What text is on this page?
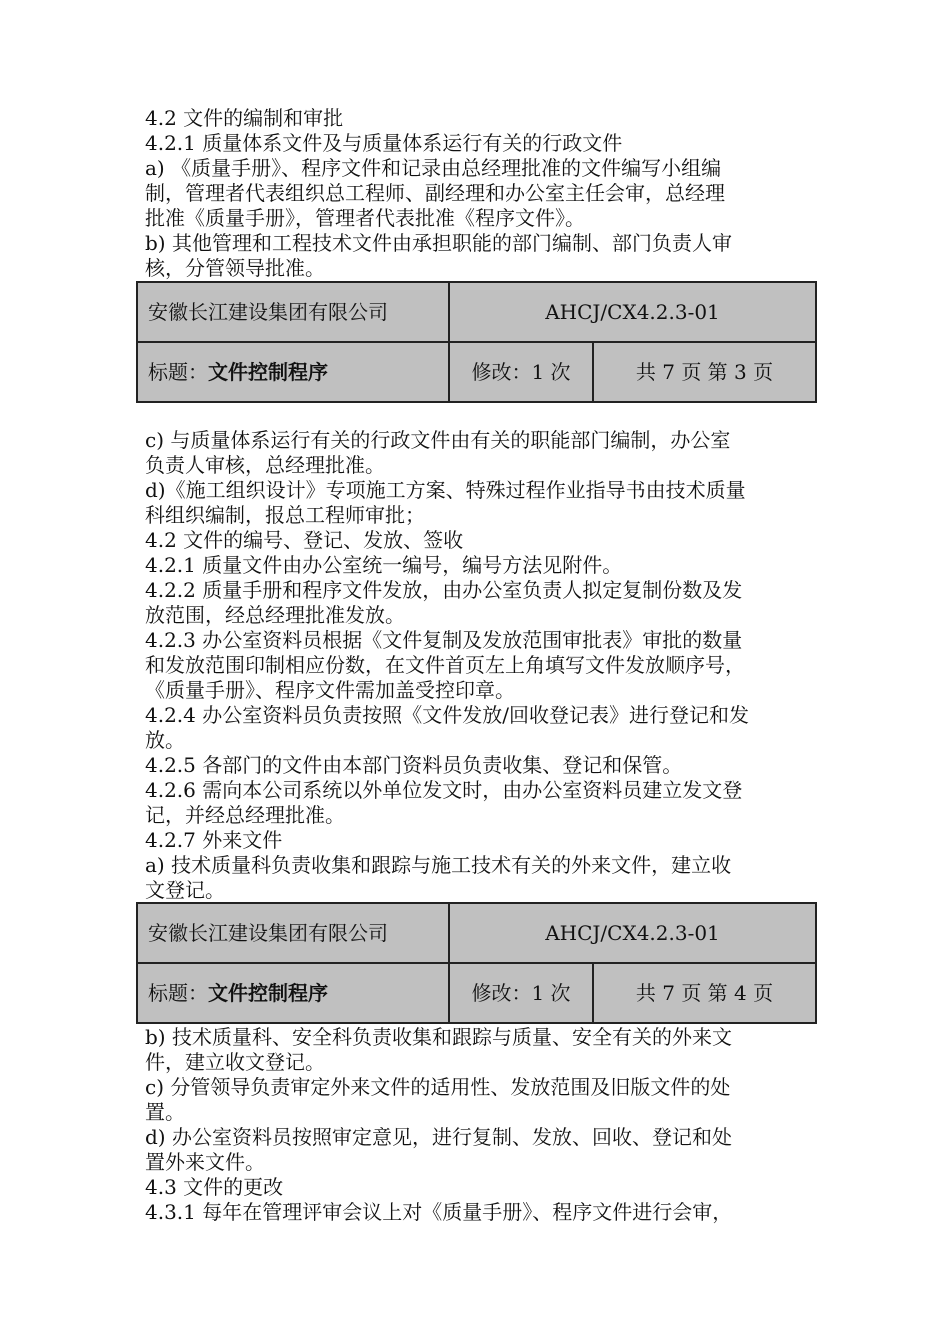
4.2 文件的编制和审批

4.2.1 质量体系文件及与质量体系运行有关的行政文件

a) 《质量手册》、程序文件和记录由总经理批准的文件编写小组编

制，管理者代表组织总工程师、副经理和办公室主任会审，总经理

批准《质量手册》，管理者代表批准《程序文件》。

b) 其他管理和工程技术文件由承担职能的部门编制、部门负责人审

核，分管领导批准。

安徽长江建设集团有限公司	AHCJ/CX4.2.3-01	
标题：文件控制程序	修改：1 次	共 7 页 第 3 页

c) 与质量体系运行有关的行政文件由有关的职能部门编制，办公室

负责人审核，总经理批准。

d)《施工组织设计》专项施工方案、特殊过程作业指导书由技术质量

科组织编制，报总工程师审批；

4.2 文件的编号、登记、发放、签收

4.2.1 质量文件由办公室统一编号，编号方法见附件。

4.2.2 质量手册和程序文件发放，由办公室负责人拟定复制份数及发

放范围，经总经理批准发放。

4.2.3 办公室资料员根据《文件复制及发放范围审批表》审批的数量

和发放范围印制相应份数，在文件首页左上角填写文件发放顺序号，

《质量手册》、程序文件需加盖受控印章。

4.2.4 办公室资料员负责按照《文件发放/回收登记表》进行登记和发

放。

4.2.5 各部门的文件由本部门资料员负责收集、登记和保管。

4.2.6 需向本公司系统以外单位发文时，由办公室资料员建立发文登

记，并经总经理批准。

4.2.7 外来文件

a) 技术质量科负责收集和跟踪与施工技术有关的外来文件，建立收

文登记。

安徽长江建设集团有限公司	AHCJ/CX4.2.3-01	
标题：文件控制程序	修改：1 次	共 7 页 第 4 页

b) 技术质量科、安全科负责收集和跟踪与质量、安全有关的外来文

件，建立收文登记。

c) 分管领导负责审定外来文件的适用性、发放范围及旧版文件的处

置。

d) 办公室资料员按照审定意见，进行复制、发放、回收、登记和处

置外来文件。

4.3 文件的更改

4.3.1 每年在管理评审会议上对《质量手册》、程序文件进行会审，
